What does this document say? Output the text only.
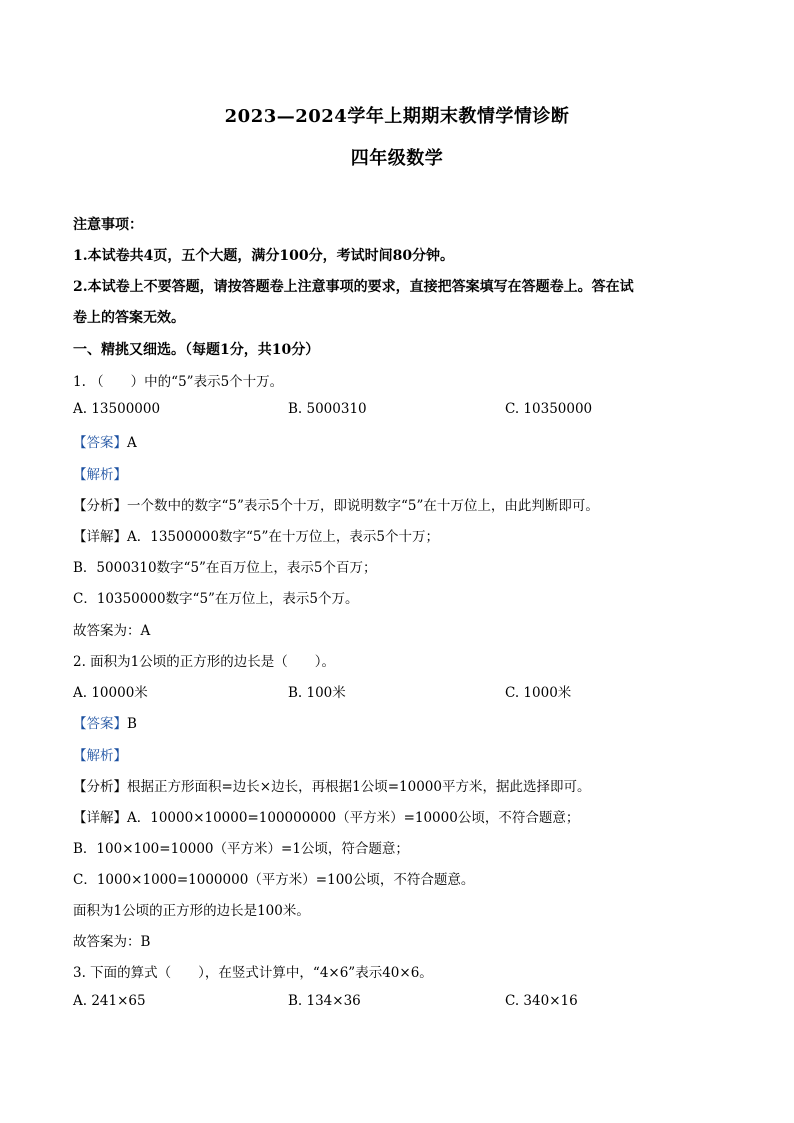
2023—2024学年上期期末教情学情诊断
四年级数学
注意事项：
1.本试卷共4页，五个大题，满分100分，考试时间80分钟。
2.本试卷上不要答题，请按答题卷上注意事项的要求，直接把答案填写在答题卷上。答在试
卷上的答案无效。
一、精挑又细选。（每题1分，共10分）
1. （　　）中的“5”表示5个十万。
A. 13500000	B. 5000310	C. 10350000
【答案】A
【解析】
【分析】一个数中的数字“5”表示5个十万，即说明数字“5”在十万位上，由此判断即可。
【详解】A．13500000数字“5”在十万位上，表示5个十万；
B．5000310数字“5”在百万位上，表示5个百万；
C．10350000数字“5”在万位上，表示5个万。
故答案为：A
2. 面积为1公顷的正方形的边长是（　　）。
A. 10000米	B. 100米	C. 1000米
【答案】B
【解析】
【分析】根据正方形面积=边长×边长，再根据1公顷=10000平方米，据此选择即可。
【详解】A．10000×10000=100000000（平方米）=10000公顷，不符合题意；
B．100×100=10000（平方米）=1公顷，符合题意；
C．1000×1000=1000000（平方米）=100公顷，不符合题意。
面积为1公顷的正方形的边长是100米。
故答案为：B
3. 下面的算式（　　），在竖式计算中，“4×6”表示40×6。
A. 241×65	B. 134×36	C. 340×16
